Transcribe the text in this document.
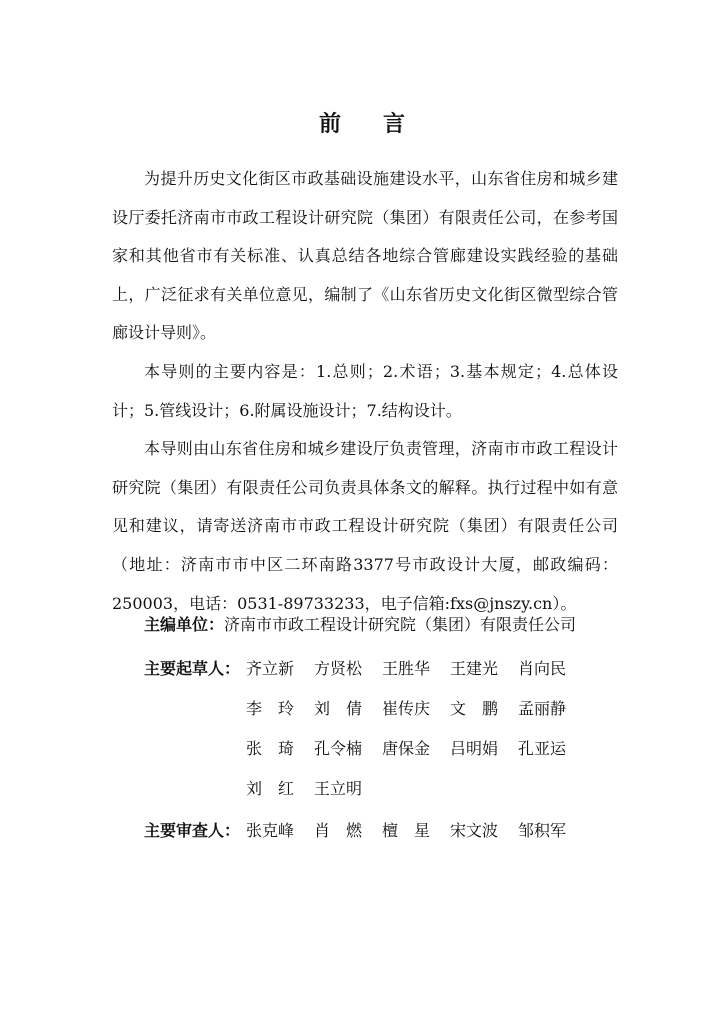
前 言

为提升历史文化街区市政基础设施建设水平，山东省住房和城乡建设厅委托济南市市政工程设计研究院（集团）有限责任公司，在参考国家和其他省市有关标准、认真总结各地综合管廊建设实践经验的基础上，广泛征求有关单位意见，编制了《山东省历史文化街区微型综合管廊设计导则》。

本导则的主要内容是：1.总则；2.术语；3.基本规定；4.总体设计；5.管线设计；6.附属设施设计；7.结构设计。

本导则由山东省住房和城乡建设厅负责管理，济南市市政工程设计研究院（集团）有限责任公司负责具体条文的解释。执行过程中如有意见和建议，请寄送济南市市政工程设计研究院（集团）有限责任公司（地址：济南市市中区二环南路3377号市政设计大厦，邮政编码：250003，电话：0531-89733233，电子信箱:fxs@jnszy.cn）。

主编单位：济南市市政工程设计研究院（集团）有限责任公司
主要起草人： 齐立新 方贤松 王胜华 王建光 肖向民
李　玲 刘　倩 崔传庆 文　鹏 孟丽静
张　琦 孔令楠 唐保金 吕明娟 孔亚运
刘　红 王立明
主要审查人： 张克峰 肖　燃 檀　星 宋文波 邹积军
